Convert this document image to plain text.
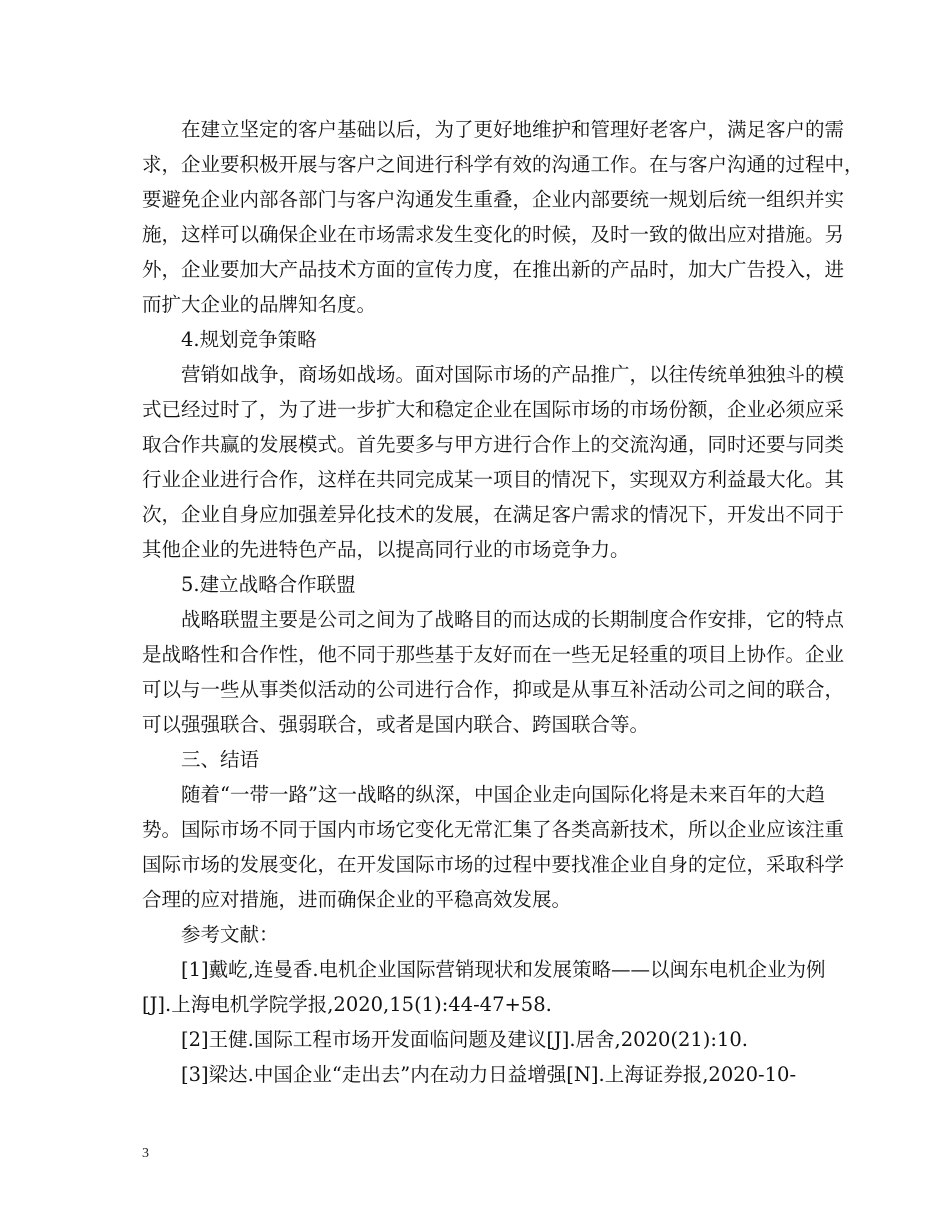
在建立坚定的客户基础以后，为了更好地维护和管理好老客户，满足客户的需
求，企业要积极开展与客户之间进行科学有效的沟通工作。在与客户沟通的过程中，
要避免企业内部各部门与客户沟通发生重叠，企业内部要统一规划后统一组织并实
施，这样可以确保企业在市场需求发生变化的时候，及时一致的做出应对措施。另
外，企业要加大产品技术方面的宣传力度，在推出新的产品时，加大广告投入，进
而扩大企业的品牌知名度。
4.规划竞争策略
营销如战争，商场如战场。面对国际市场的产品推广，以往传统单独独斗的模
式已经过时了，为了进一步扩大和稳定企业在国际市场的市场份额，企业必须应采
取合作共赢的发展模式。首先要多与甲方进行合作上的交流沟通，同时还要与同类
行业企业进行合作，这样在共同完成某一项目的情况下，实现双方利益最大化。其
次，企业自身应加强差异化技术的发展，在满足客户需求的情况下，开发出不同于
其他企业的先进特色产品，以提高同行业的市场竞争力。
5.建立战略合作联盟
战略联盟主要是公司之间为了战略目的而达成的长期制度合作安排，它的特点
是战略性和合作性，他不同于那些基于友好而在一些无足轻重的项目上协作。企业
可以与一些从事类似活动的公司进行合作，抑或是从事互补活动公司之间的联合，
可以强强联合、强弱联合，或者是国内联合、跨国联合等。
三、结语
随着“一带一路”这一战略的纵深，中国企业走向国际化将是未来百年的大趋
势。国际市场不同于国内市场它变化无常汇集了各类高新技术，所以企业应该注重
国际市场的发展变化，在开发国际市场的过程中要找准企业自身的定位，采取科学
合理的应对措施，进而确保企业的平稳高效发展。
参考文献：
[1]戴屹,连曼香.电机企业国际营销现状和发展策略——以闽东电机企业为例
[J].上海电机学院学报,2020,15(1):44-47+58.
[2]王健.国际工程市场开发面临问题及建议[J].居舍,2020(21):10.
[3]梁达.中国企业“走出去”内在动力日益增强[N].上海证券报,2020-10-
3
